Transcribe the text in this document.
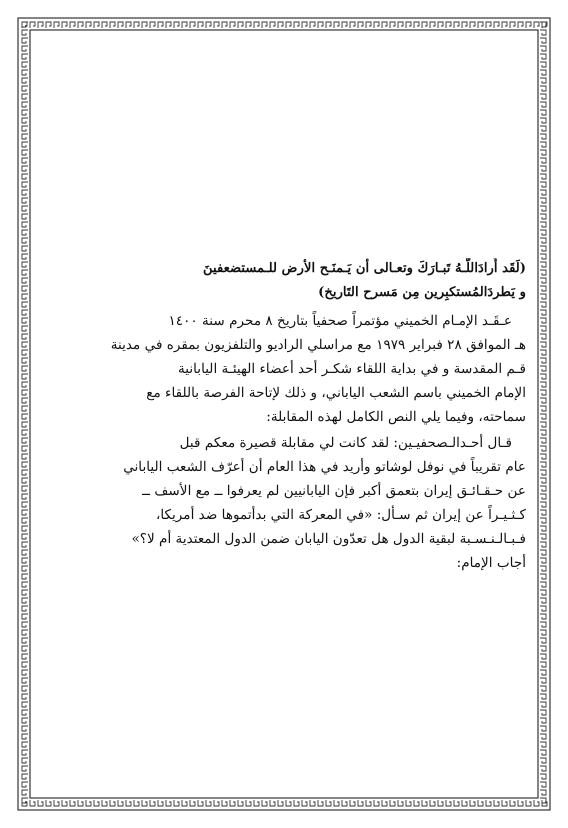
(لَقَد أَرادَاللّـهُ تَبـارَكَ وتعـالى أن يَـمنَـح الأرض للـمستضعفينَ
و يَطردَالمُستكبِرين مِن مَسرح التَاريخ)
عـقَـد الإمـام الخميني مؤتمراً صحفياً بتاريخ ٨ محرم سنة ١٤٠٠
هـ الموافق ٢٨ فبراير ١٩٧٩ مع مراسلي الراديو والتلفزيون بمقره في مدينة
قـم المقدسة و في بداية اللقاء شكـر أحد أعضاء الهيئـة اليابانية
الإمام الخميني باسم الشعب الياباني، و ذلك لإتاحة الفرصة باللقاء مع
سماحته، وفيما يلي النص الكامل لهذه المقابلة:
قـال أحـدالـصحفيـين: لقد كانت لي مقابلة قصيرة معكم قبل
عام تقريباً في نوفل لوشاتو وأريد في هذا العام أن أعرّف الشعب الياباني
عن حـقـائـق إيران بتعمق أكبر فإن اليابانيين لم يعرفوا ــ مع الأسف ــ
كـثـيـراً عن إيران ثم سـأل: «في المعركة التي بدأتموها ضد أمريكا،
فـبـالـنـسـبة لبقية الدول هل تعدّون اليابان ضمن الدول المعتدية أم لا؟»
أجاب الإمام:
